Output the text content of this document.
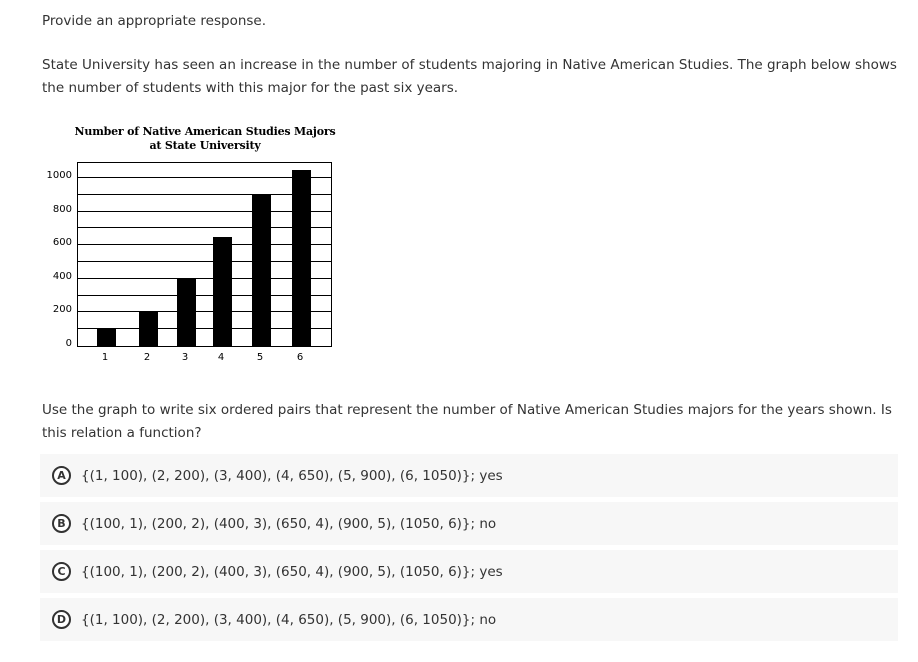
Provide an appropriate response.
State University has seen an increase in the number of students majoring in Native American Studies. The graph below shows the number of students with this major for the past six years.
Number of Native American Studies Majors
at State University
0
200
400
600
800
1000
1	2	3	4	5	6
Use the graph to write six ordered pairs that represent the number of Native American Studies majors for the years shown. Is this relation a function?
A	{(1, 100), (2, 200), (3, 400), (4, 650), (5, 900), (6, 1050)}; yes
B	{(100, 1), (200, 2), (400, 3), (650, 4), (900, 5), (1050, 6)}; no
C	{(100, 1), (200, 2), (400, 3), (650, 4), (900, 5), (1050, 6)}; yes
D	{(1, 100), (2, 200), (3, 400), (4, 650), (5, 900), (6, 1050)}; no
